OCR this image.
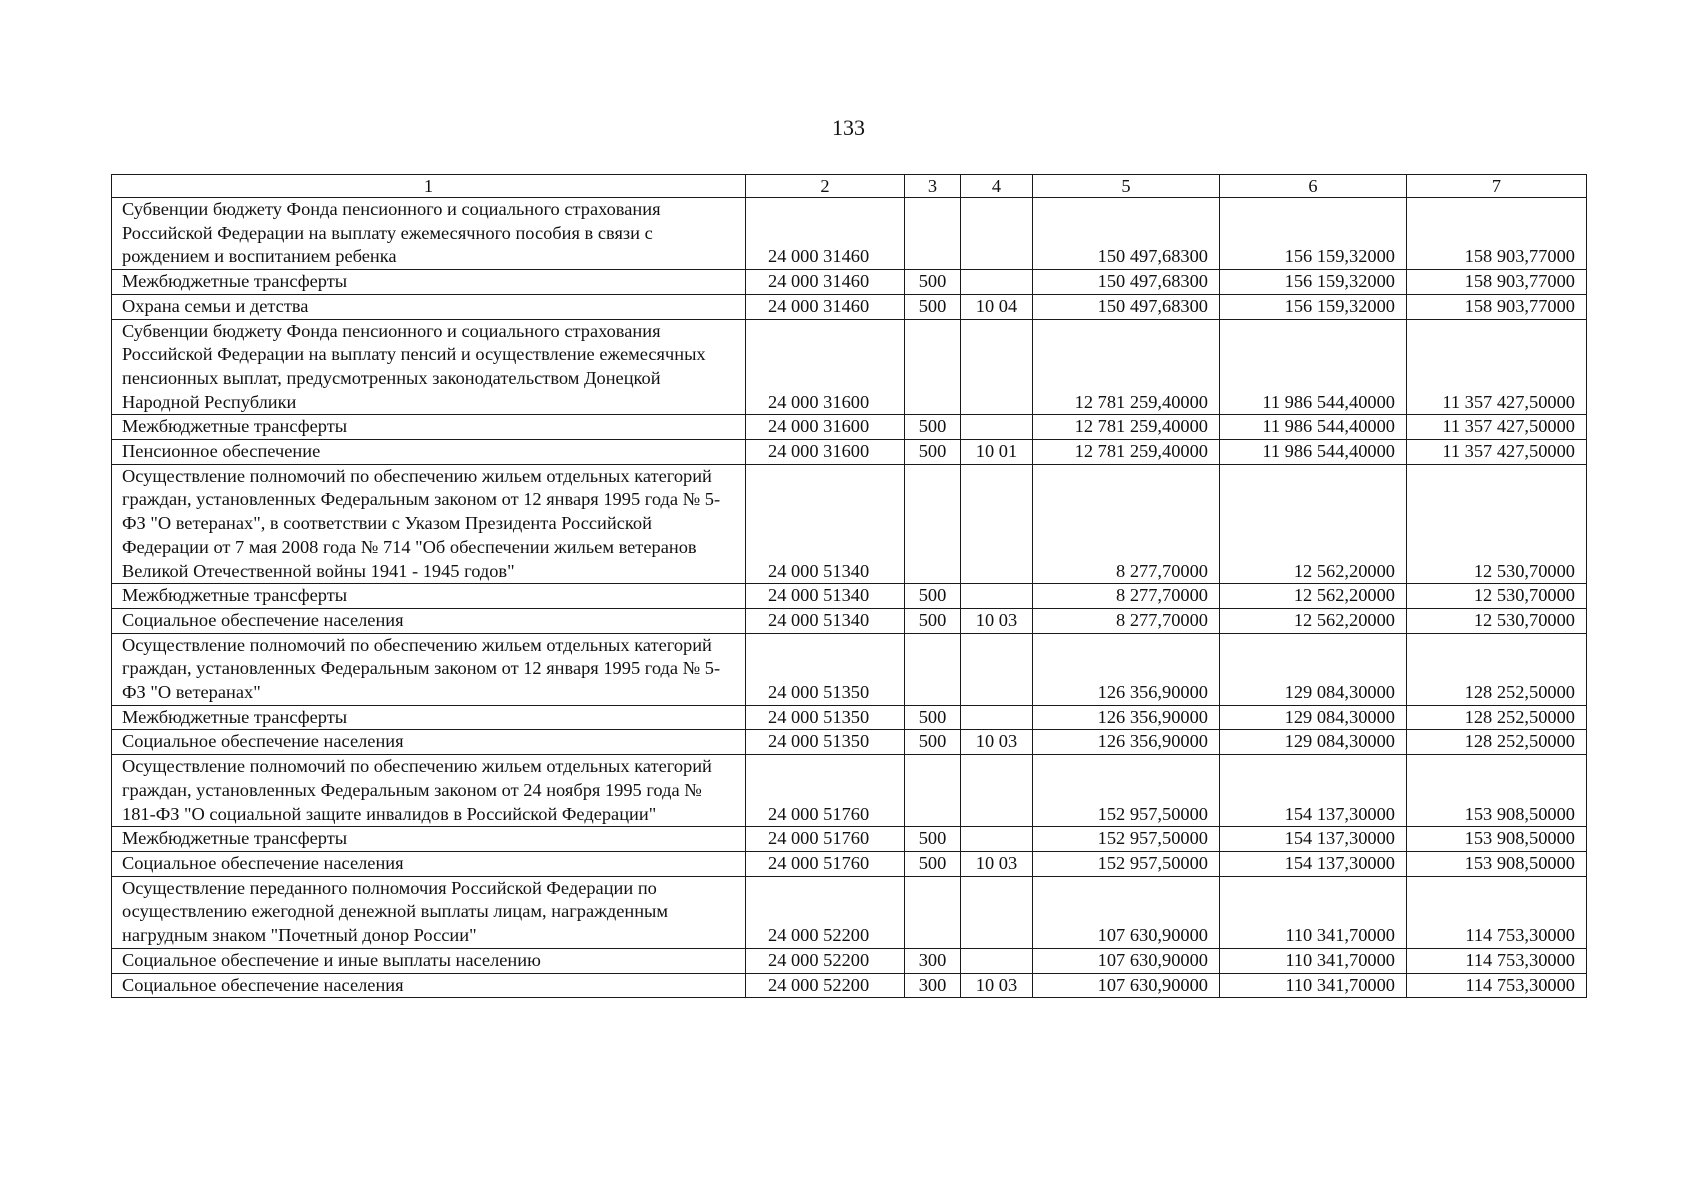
133
1	2	3	4	5	6	7
Субвенции бюджету Фонда пенсионного и социального страхования Российской Федерации на выплату ежемесячного пособия в связи с рождением и воспитанием ребенка	24 000 31460			150 497,68300	156 159,32000	158 903,77000
Межбюджетные трансферты	24 000 31460	500		150 497,68300	156 159,32000	158 903,77000
Охрана семьи и детства	24 000 31460	500	10 04	150 497,68300	156 159,32000	158 903,77000
Субвенции бюджету Фонда пенсионного и социального страхования Российской Федерации на выплату пенсий и осуществление ежемесячных пенсионных выплат, предусмотренных законодательством Донецкой Народной Республики	24 000 31600			12 781 259,40000	11 986 544,40000	11 357 427,50000
Межбюджетные трансферты	24 000 31600	500		12 781 259,40000	11 986 544,40000	11 357 427,50000
Пенсионное обеспечение	24 000 31600	500	10 01	12 781 259,40000	11 986 544,40000	11 357 427,50000
Осуществление полномочий по обеспечению жильем отдельных категорий граждан, установленных Федеральным законом от 12 января 1995 года № 5-ФЗ "О ветеранах", в соответствии с Указом Президента Российской Федерации от 7 мая 2008 года № 714 "Об обеспечении жильем ветеранов Великой Отечественной войны 1941 - 1945 годов"	24 000 51340			8 277,70000	12 562,20000	12 530,70000
Межбюджетные трансферты	24 000 51340	500		8 277,70000	12 562,20000	12 530,70000
Социальное обеспечение населения	24 000 51340	500	10 03	8 277,70000	12 562,20000	12 530,70000
Осуществление полномочий по обеспечению жильем отдельных категорий граждан, установленных Федеральным законом от 12 января 1995 года № 5-ФЗ "О ветеранах"	24 000 51350			126 356,90000	129 084,30000	128 252,50000
Межбюджетные трансферты	24 000 51350	500		126 356,90000	129 084,30000	128 252,50000
Социальное обеспечение населения	24 000 51350	500	10 03	126 356,90000	129 084,30000	128 252,50000
Осуществление полномочий по обеспечению жильем отдельных категорий граждан, установленных Федеральным законом от 24 ноября 1995 года № 181-ФЗ "О социальной защите инвалидов в Российской Федерации"	24 000 51760			152 957,50000	154 137,30000	153 908,50000
Межбюджетные трансферты	24 000 51760	500		152 957,50000	154 137,30000	153 908,50000
Социальное обеспечение населения	24 000 51760	500	10 03	152 957,50000	154 137,30000	153 908,50000
Осуществление переданного полномочия Российской Федерации по осуществлению ежегодной денежной выплаты лицам, награжденным нагрудным знаком "Почетный донор России"	24 000 52200			107 630,90000	110 341,70000	114 753,30000
Социальное обеспечение и иные выплаты населению	24 000 52200	300		107 630,90000	110 341,70000	114 753,30000
Социальное обеспечение населения	24 000 52200	300	10 03	107 630,90000	110 341,70000	114 753,30000
